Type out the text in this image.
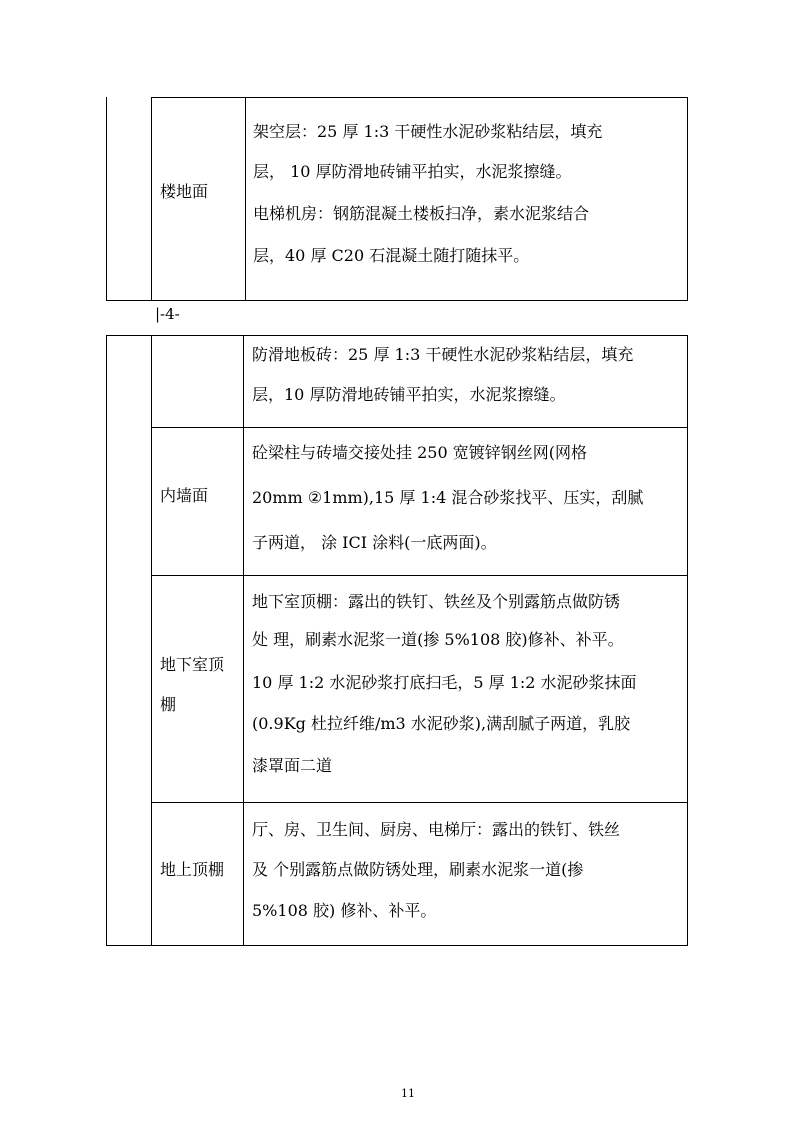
楼地面
架空层：25 厚 1:3 干硬性水泥砂浆粘结层，填充
层， 10 厚防滑地砖铺平拍实，水泥浆擦缝。
电梯机房：钢筋混凝土楼板扫净，素水泥浆结合
层，40 厚 C20 石混凝土随打随抹平。
|-4-
防滑地板砖：25 厚 1:3 干硬性水泥砂浆粘结层，填充
层，10 厚防滑地砖铺平拍实，水泥浆擦缝。
内墙面
砼梁柱与砖墙交接处挂 250 宽镀锌钢丝网(网格
20mm ②1mm),15 厚 1:4 混合砂浆找平、压实，刮腻
子两道， 涂 ICI 涂料(一底两面)。
地下室顶
棚
地下室顶棚：露出的铁钉、铁丝及个别露筋点做防锈
处 理，刷素水泥浆一道(掺 5%108 胶)修补、补平。
10 厚 1:2 水泥砂浆打底扫毛，5 厚 1:2 水泥砂浆抹面
(0.9Kg 杜拉纤维/m3 水泥砂浆),满刮腻子两道，乳胶
漆罩面二道
地上顶棚
厅、房、卫生间、厨房、电梯厅：露出的铁钉、铁丝
及 个别露筋点做防锈处理，刷素水泥浆一道(掺
5%108 胶) 修补、补平。
11
